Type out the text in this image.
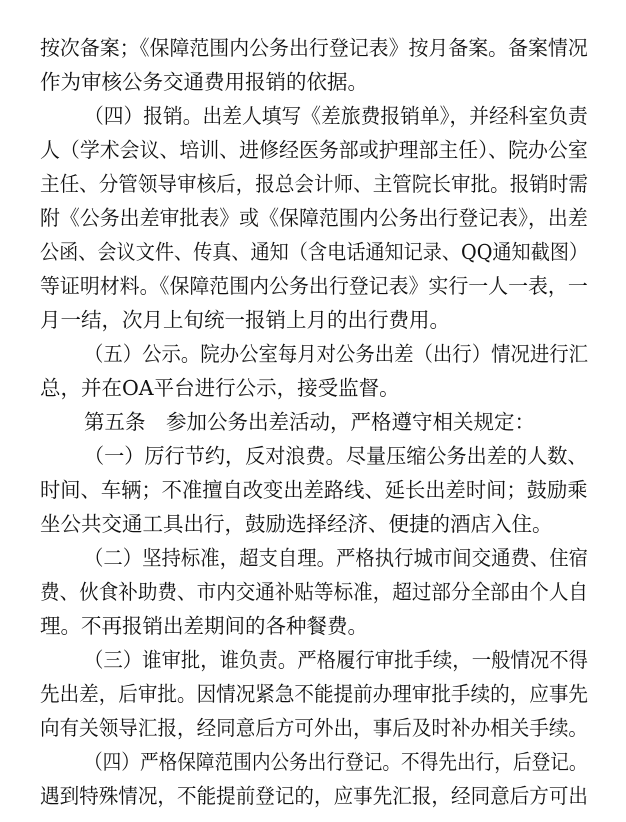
按次备案；《保障范围内公务出行登记表》按月备案。备案情况
作为审核公务交通费用报销的依据。
（四）报销。出差人填写《差旅费报销单》，并经科室负责
人（学术会议、培训、进修经医务部或护理部主任）、院办公室
主任、分管领导审核后，报总会计师、主管院长审批。报销时需
附《公务出差审批表》或《保障范围内公务出行登记表》，出差
公函、会议文件、传真、通知（含电话通知记录、QQ通知截图）
等证明材料。《保障范围内公务出行登记表》实行一人一表，一
月一结，次月上旬统一报销上月的出行费用。
（五）公示。院办公室每月对公务出差（出行）情况进行汇
总，并在OA平台进行公示，接受监督。
第五条　参加公务出差活动，严格遵守相关规定：
（一）厉行节约，反对浪费。尽量压缩公务出差的人数、
时间、车辆；不准擅自改变出差路线、延长出差时间；鼓励乘
坐公共交通工具出行，鼓励选择经济、便捷的酒店入住。
（二）坚持标准，超支自理。严格执行城市间交通费、住宿
费、伙食补助费、市内交通补贴等标准，超过部分全部由个人自
理。不再报销出差期间的各种餐费。
（三）谁审批，谁负责。严格履行审批手续，一般情况不得
先出差，后审批。因情况紧急不能提前办理审批手续的，应事先
向有关领导汇报，经同意后方可外出，事后及时补办相关手续。
（四）严格保障范围内公务出行登记。不得先出行，后登记。
遇到特殊情况，不能提前登记的，应事先汇报，经同意后方可出
